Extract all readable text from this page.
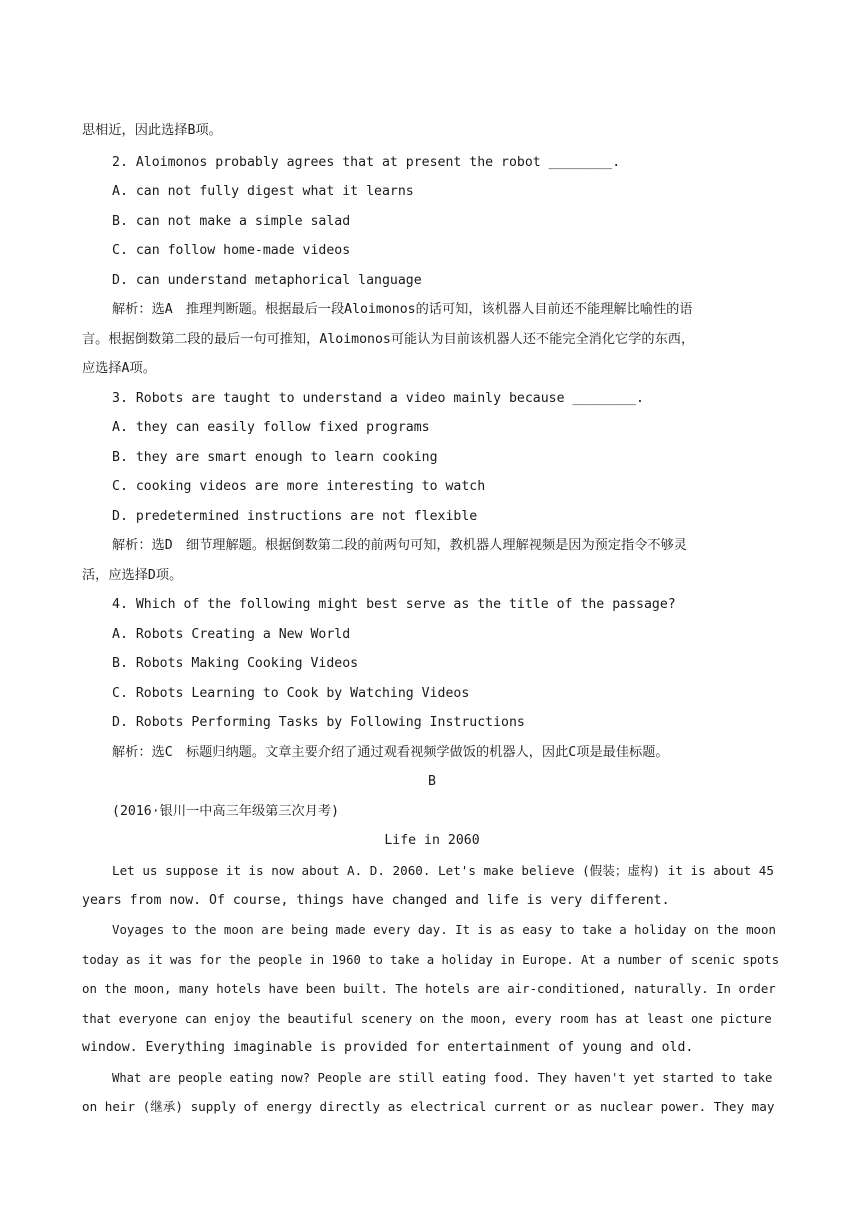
思相近，因此选择B项。
2. Aloimonos probably agrees that at present the robot ________.
A. can not fully digest what it learns
B. can not make a simple salad
C. can follow home-made videos
D. can understand metaphorical language
解析：选A　推理判断题。根据最后一段Aloimonos的话可知，该机器人目前还不能理解比喻性的语
言。根据倒数第二段的最后一句可推知，Aloimonos可能认为目前该机器人还不能完全消化它学的东西，
应选择A项。
3. Robots are taught to understand a video mainly because ________.
A. they can easily follow fixed programs
B. they are smart enough to learn cooking
C. cooking videos are more interesting to watch
D. predetermined instructions are not flexible
解析：选D　细节理解题。根据倒数第二段的前两句可知，教机器人理解视频是因为预定指令不够灵
活，应选择D项。
4. Which of the following might best serve as the title of the passage?
A. Robots Creating a New World
B. Robots Making Cooking Videos
C. Robots Learning to Cook by Watching Videos
D. Robots Performing Tasks by Following Instructions
解析：选C　标题归纳题。文章主要介绍了通过观看视频学做饭的机器人，因此C项是最佳标题。
B
(2016·银川一中高三年级第三次月考)
Life in 2060
Let us suppose it is now about A. D. 2060. Let's make believe (假装；虚构) it is about 45
years from now. Of course, things have changed and life is very different.
Voyages to the moon are being made every day. It is as easy to take a holiday on the moon
today as it was for the people in 1960 to take a holiday in Europe. At a number of scenic spots
on the moon, many hotels have been built. The hotels are air-conditioned, naturally. In order
that everyone can enjoy the beautiful scenery on the moon, every room has at least one picture
window. Everything imaginable is provided for entertainment of young and old.
What are people eating now? People are still eating food. They haven't yet started to take
on heir (继承) supply of energy directly as electrical current or as nuclear power. They may
